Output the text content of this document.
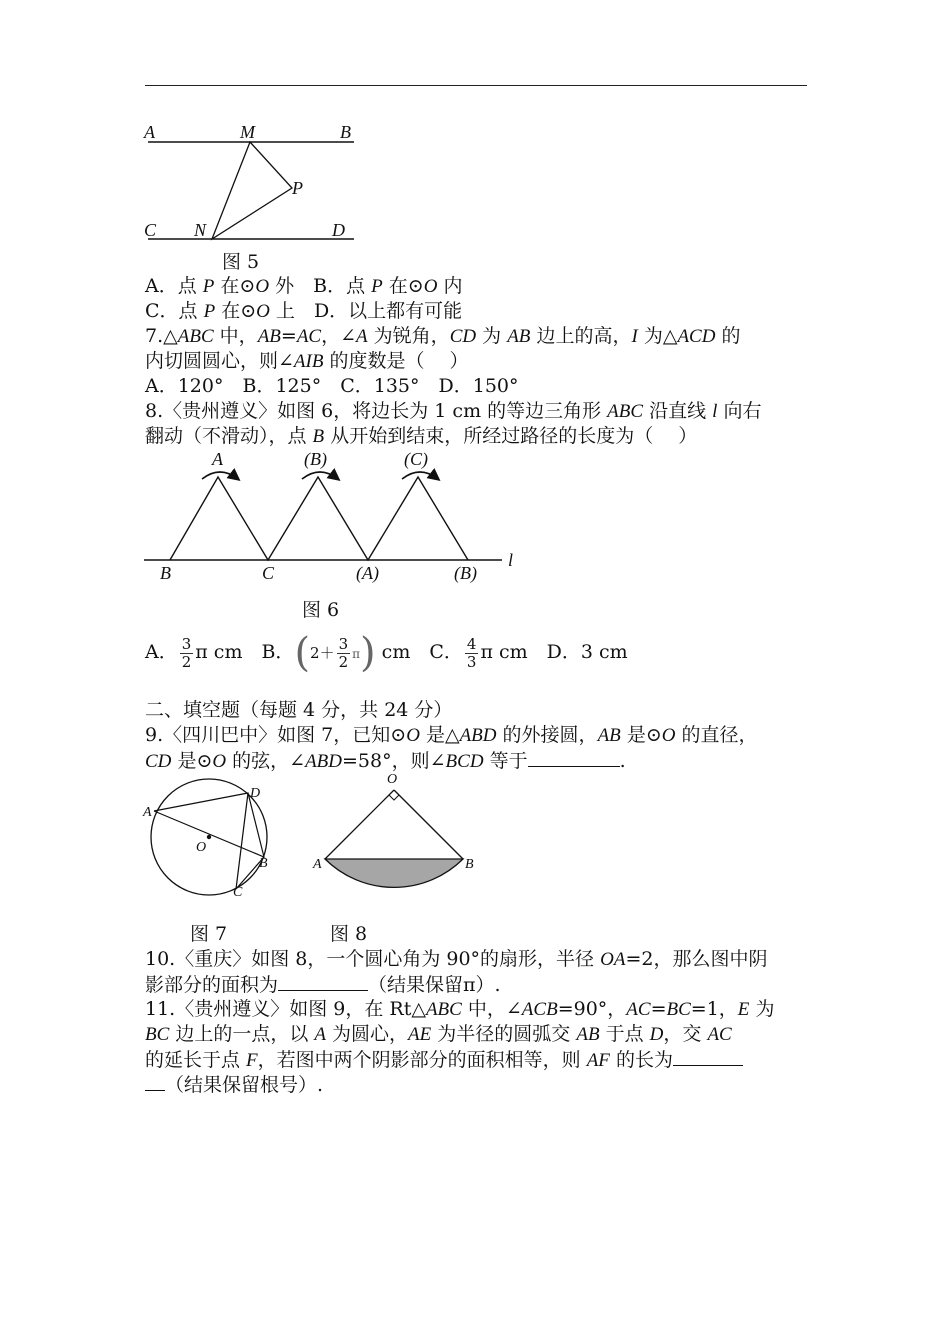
A	M	B
P
C N	D
图 5
A．点 P 在⊙O 外　B．点 P 在⊙O 内
C．点 P 在⊙O 上　D．以上都有可能
7.△ABC 中，AB=AC，∠A 为锐角，CD 为 AB 边上的高，I 为△ACD 的
内切圆圆心，则∠AIB 的度数是（　 ）
A．120°　B．125°　C．135°　D．150°
8.〈贵州遵义〉如图 6，将边长为 1 cm 的等边三角形 ABC 沿直线 l 向右
翻动（不滑动），点 B 从开始到结束，所经过路径的长度为（　 ）
A	(B)	(C)
B	C	(A)	(B)
l
图 6
A． $\frac{3}{2}$ π cm　B．$(2+ \frac{3}{2} \pi)$ cm　C． $\frac{4}{3}$ π cm　D．3 cm
二、填空题（每题 4 分，共 24 分）
9.〈四川巴中〉如图 7，已知⊙O 是△ABD 的外接圆，AB 是⊙O 的直径，
CD 是⊙O 的弦，∠ABD=58°，则∠BCD 等于	.
A
D
O
B
C
O
A	B
图 7	图 8
10.〈重庆〉如图 8，一个圆心角为 90°的扇形，半径 OA=2，那么图中阴
影部分的面积为	（结果保留π）.
11.〈贵州遵义〉如图 9，在 Rt△ABC 中，∠ACB=90°，AC=BC=1，E 为
BC 边上的一点，以 A 为圆心，AE 为半径的圆弧交 AB 于点 D，交 AC
的延长于点 F，若图中两个阴影部分的面积相等，则 AF 的长为
（结果保留根号）.
